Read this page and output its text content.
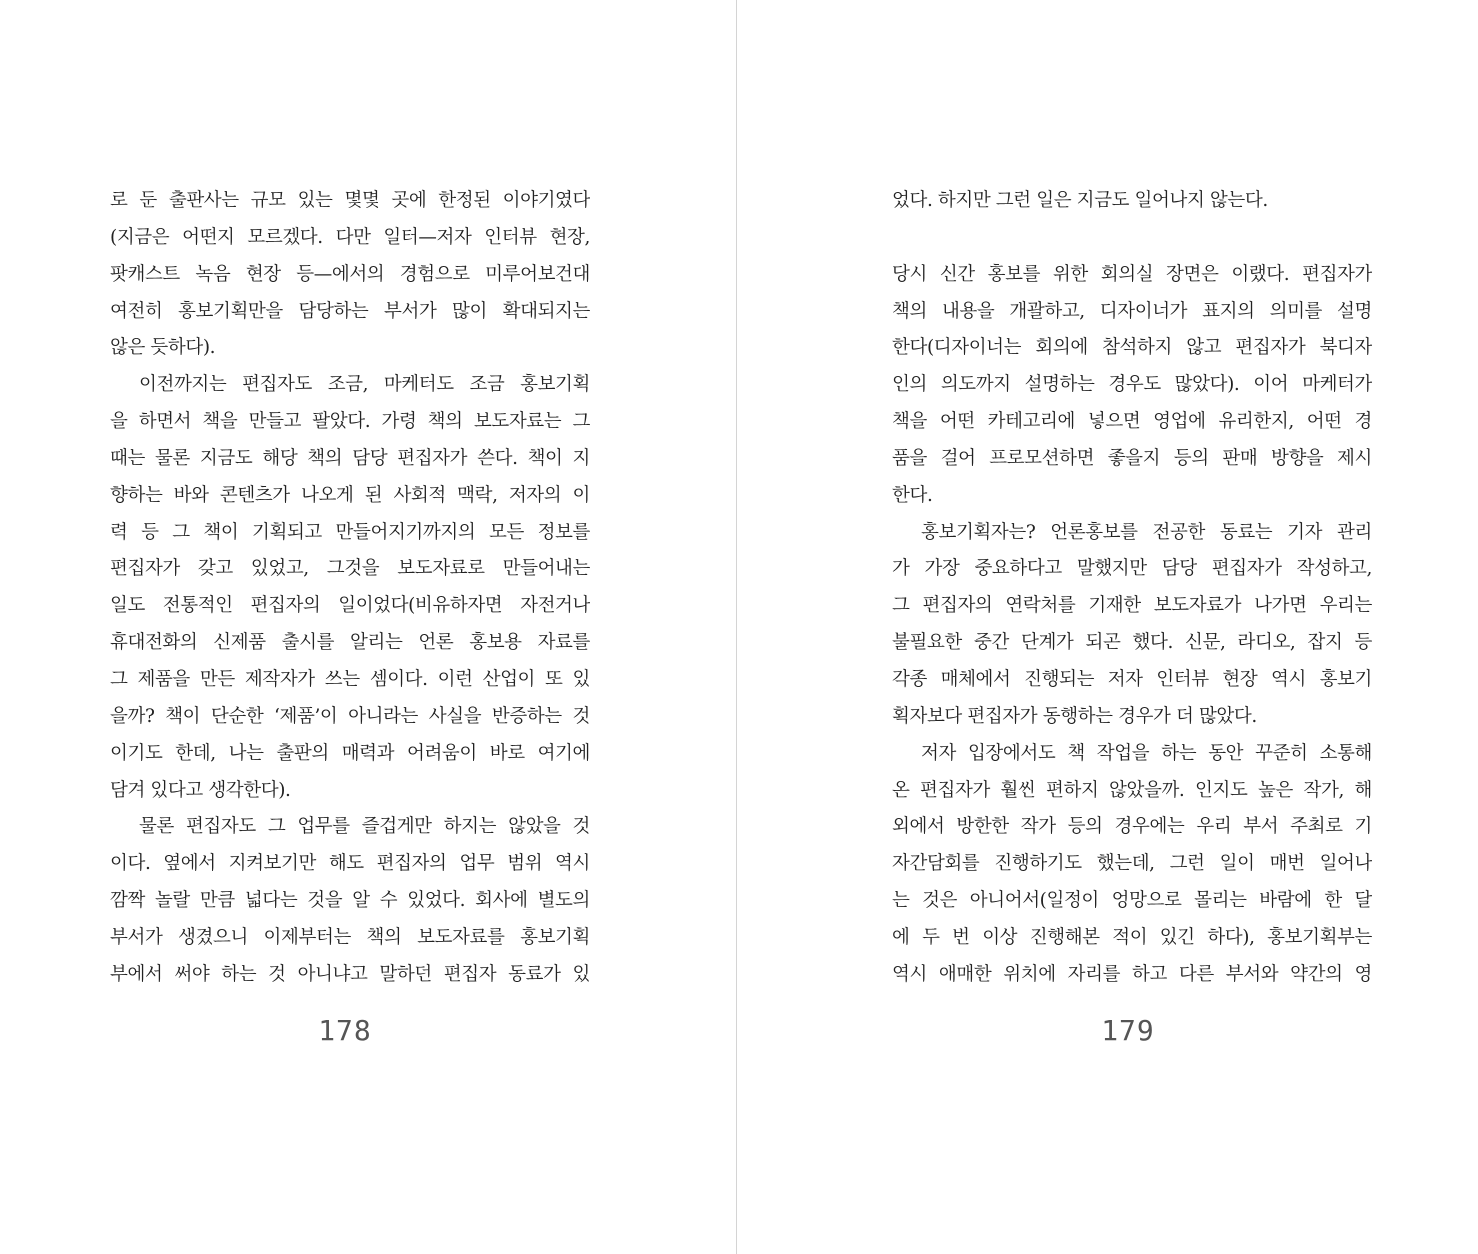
로 둔 출판사는 규모 있는 몇몇 곳에 한정된 이야기였다
(지금은 어떤지 모르겠다. 다만 일터—저자 인터뷰 현장,
팟캐스트 녹음 현장 등—에서의 경험으로 미루어보건대
여전히 홍보기획만을 담당하는 부서가 많이 확대되지는
않은 듯하다).
이전까지는 편집자도 조금, 마케터도 조금 홍보기획
을 하면서 책을 만들고 팔았다. 가령 책의 보도자료는 그
때는 물론 지금도 해당 책의 담당 편집자가 쓴다. 책이 지
향하는 바와 콘텐츠가 나오게 된 사회적 맥락, 저자의 이
력 등 그 책이 기획되고 만들어지기까지의 모든 정보를
편집자가 갖고 있었고, 그것을 보도자료로 만들어내는
일도 전통적인 편집자의 일이었다(비유하자면 자전거나
휴대전화의 신제품 출시를 알리는 언론 홍보용 자료를
그 제품을 만든 제작자가 쓰는 셈이다. 이런 산업이 또 있
을까? 책이 단순한 ‘제품’이 아니라는 사실을 반증하는 것
이기도 한데, 나는 출판의 매력과 어려움이 바로 여기에
담겨 있다고 생각한다).
물론 편집자도 그 업무를 즐겁게만 하지는 않았을 것
이다. 옆에서 지켜보기만 해도 편집자의 업무 범위 역시
깜짝 놀랄 만큼 넓다는 것을 알 수 있었다. 회사에 별도의
부서가 생겼으니 이제부터는 책의 보도자료를 홍보기획
부에서 써야 하는 것 아니냐고 말하던 편집자 동료가 있
었다. 하지만 그런 일은 지금도 일어나지 않는다.
당시 신간 홍보를 위한 회의실 장면은 이랬다. 편집자가
책의 내용을 개괄하고, 디자이너가 표지의 의미를 설명
한다(디자이너는 회의에 참석하지 않고 편집자가 북디자
인의 의도까지 설명하는 경우도 많았다). 이어 마케터가
책을 어떤 카테고리에 넣으면 영업에 유리한지, 어떤 경
품을 걸어 프로모션하면 좋을지 등의 판매 방향을 제시
한다.
홍보기획자는? 언론홍보를 전공한 동료는 기자 관리
가 가장 중요하다고 말했지만 담당 편집자가 작성하고,
그 편집자의 연락처를 기재한 보도자료가 나가면 우리는
불필요한 중간 단계가 되곤 했다. 신문, 라디오, 잡지 등
각종 매체에서 진행되는 저자 인터뷰 현장 역시 홍보기
획자보다 편집자가 동행하는 경우가 더 많았다.
저자 입장에서도 책 작업을 하는 동안 꾸준히 소통해
온 편집자가 훨씬 편하지 않았을까. 인지도 높은 작가, 해
외에서 방한한 작가 등의 경우에는 우리 부서 주최로 기
자간담회를 진행하기도 했는데, 그런 일이 매번 일어나
는 것은 아니어서(일정이 엉망으로 몰리는 바람에 한 달
에 두 번 이상 진행해본 적이 있긴 하다), 홍보기획부는
역시 애매한 위치에 자리를 하고 다른 부서와 약간의 영
178	179
